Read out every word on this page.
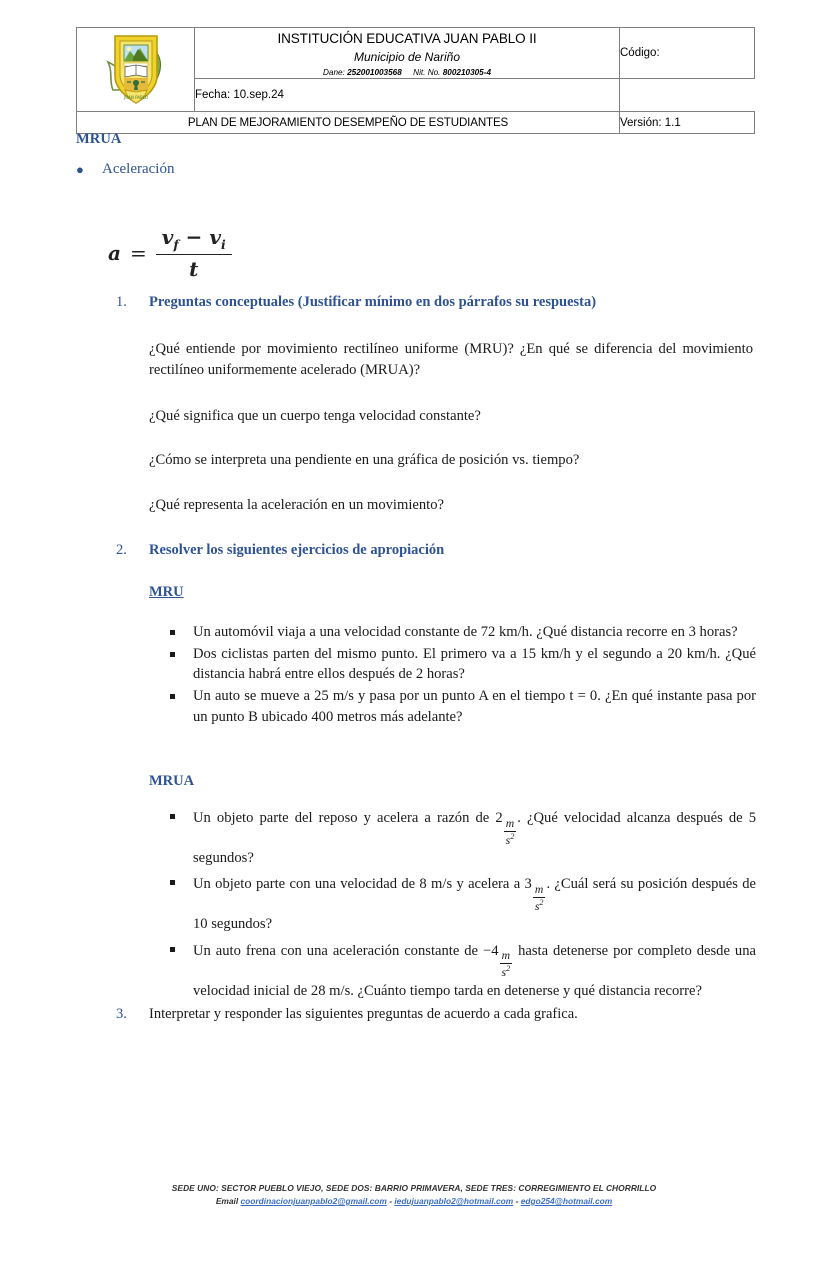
JUAN PABLO	INSTITUCIÓN EDUCATIVA JUAN PABLO II
Municipio de Nariño
Dane: 252001003568 Nit. No. 800210305-4	Código:
	Fecha: 10.sep.24	
PLAN DE MEJORAMIENTO DESEMPEÑO DE ESTUDIANTES		Versión: 1.1
MRUA
● Aceleración
$a = \frac{v_f - v_i}{t}$
1.	Preguntas conceptuales (Justificar mínimo en dos párrafos su respuesta)
¿Qué entiende por movimiento rectilíneo uniforme (MRU)? ¿En qué se diferencia del movimiento rectilíneo uniformemente acelerado (MRUA)?
¿Qué significa que un cuerpo tenga velocidad constante?
¿Cómo se interpreta una pendiente en una gráfica de posición vs. tiempo?
¿Qué representa la aceleración en un movimiento?
2.	Resolver los siguientes ejercicios de apropiación
MRU
Un automóvil viaja a una velocidad constante de 72 km/h. ¿Qué distancia recorre en 3 horas?
Dos ciclistas parten del mismo punto. El primero va a 15 km/h y el segundo a 20 km/h. ¿Qué distancia habrá entre ellos después de 2 horas?
Un auto se mueve a 25 m/s y pasa por un punto A en el tiempo t = 0. ¿En qué instante pasa por un punto B ubicado 400 metros más adelante?
MRUA
Un objeto parte del reposo y acelera a razón de $2 \frac{m}{s^2}$ . ¿Qué velocidad alcanza después de 5 segundos?
Un objeto parte con una velocidad de 8 m/s y acelera a $3 \frac{m}{s^2}$ . ¿Cuál será su posición después de 10 segundos?
Un auto frena con una aceleración constante de $-4 \frac{m}{s^2}$ hasta detenerse por completo desde una velocidad inicial de 28 m/s. ¿Cuánto tiempo tarda en detenerse y qué distancia recorre?
3.	Interpretar y responder las siguientes preguntas de acuerdo a cada grafica.
SEDE UNO: SECTOR PUEBLO VIEJO, SEDE DOS: BARRIO PRIMAVERA, SEDE TRES: CORREGIMIENTO EL CHORRILLO
Email coordinacionjuanpablo2@gmail.com - iedujuanpablo2@hotmail.com - edgo254@hotmail.com
